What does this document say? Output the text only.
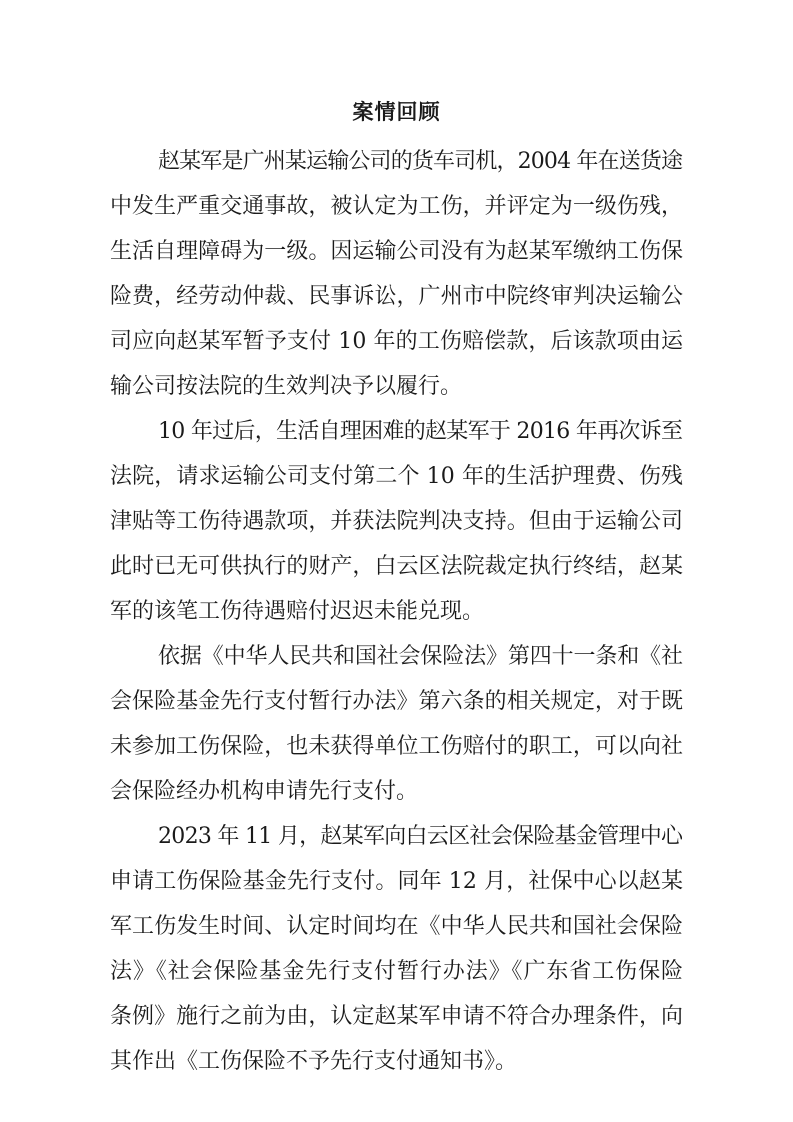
案情回顾
赵某军是广州某运输公司的货车司机，2004 年在送货途
中发生严重交通事故，被认定为工伤，并评定为一级伤残，
生活自理障碍为一级。因运输公司没有为赵某军缴纳工伤保
险费，经劳动仲裁、民事诉讼，广州市中院终审判决运输公
司应向赵某军暂予支付 10 年的工伤赔偿款，后该款项由运
输公司按法院的生效判决予以履行。
10 年过后，生活自理困难的赵某军于 2016 年再次诉至
法院，请求运输公司支付第二个 10 年的生活护理费、伤残
津贴等工伤待遇款项，并获法院判决支持。但由于运输公司
此时已无可供执行的财产，白云区法院裁定执行终结，赵某
军的该笔工伤待遇赔付迟迟未能兑现。
依据《中华人民共和国社会保险法》第四十一条和《社
会保险基金先行支付暂行办法》第六条的相关规定，对于既
未参加工伤保险，也未获得单位工伤赔付的职工，可以向社
会保险经办机构申请先行支付。
2023 年 11 月，赵某军向白云区社会保险基金管理中心
申请工伤保险基金先行支付。同年 12 月，社保中心以赵某
军工伤发生时间、认定时间均在《中华人民共和国社会保险
法》《社会保险基金先行支付暂行办法》《广东省工伤保险
条例》施行之前为由，认定赵某军申请不符合办理条件，向
其作出《工伤保险不予先行支付通知书》。
